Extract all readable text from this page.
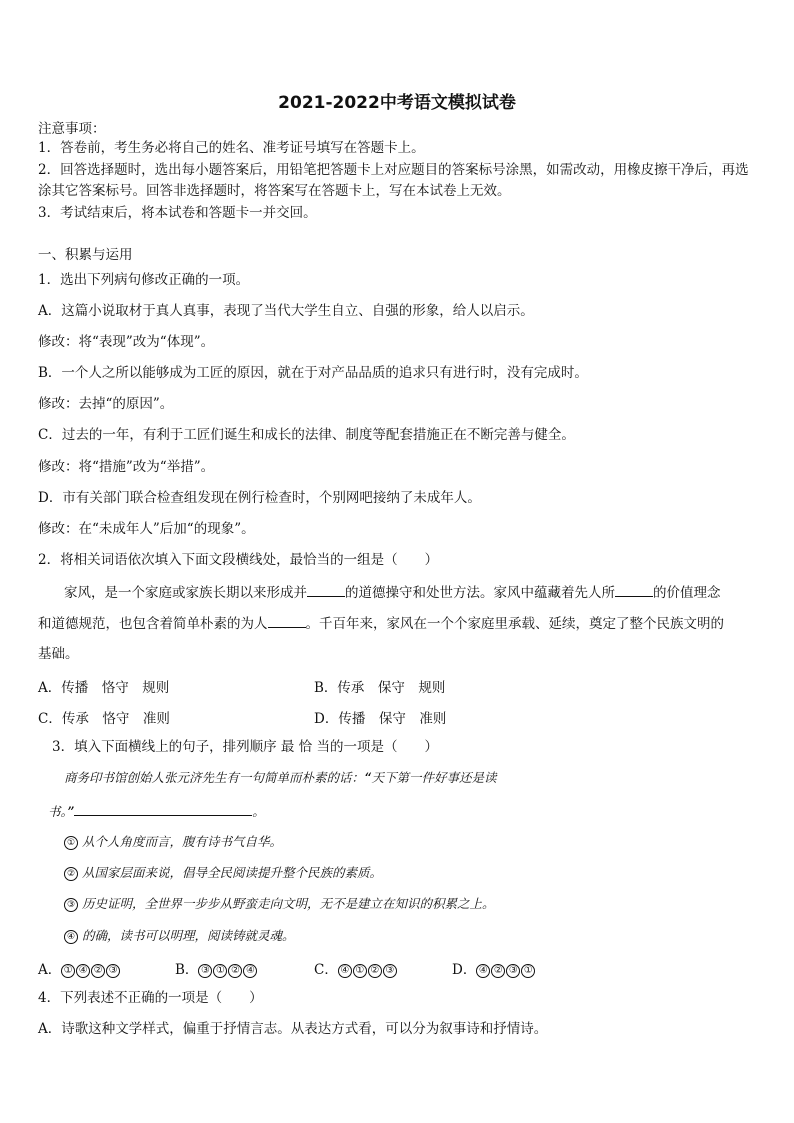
2021-2022中考语文模拟试卷
注意事项：
1．答卷前，考生务必将自己的姓名、准考证号填写在答题卡上。
2．回答选择题时，选出每小题答案后，用铅笔把答题卡上对应题目的答案标号涂黑，如需改动，用橡皮擦干净后，再选涂其它答案标号。回答非选择题时，将答案写在答题卡上，写在本试卷上无效。
3．考试结束后，将本试卷和答题卡一并交回。
一、积累与运用
1．选出下列病句修改正确的一项。
A．这篇小说取材于真人真事，表现了当代大学生自立、自强的形象，给人以启示。
修改：将“表现”改为“体现”。
B．一个人之所以能够成为工匠的原因，就在于对产品品质的追求只有进行时，没有完成时。
修改：去掉“的原因”。
C．过去的一年，有利于工匠们诞生和成长的法律、制度等配套措施正在不断完善与健全。
修改：将“措施”改为“举措”。
D．市有关部门联合检查组发现在例行检查时，个别网吧接纳了未成年人。
修改：在“未成年人”后加“的现象”。
2．将相关词语依次填入下面文段横线处，最恰当的一组是（　　）
家风，是一个家庭或家族长期以来形成并	的道德操守和处世方法。家风中蕴藏着先人所	的价值理念
和道德规范，也包含着简单朴素的为人	。千百年来，家风在一个个家庭里承载、延续，奠定了整个民族文明的
基础。
A．传播　恪守　规则	B．传承　保守　规则
C．传承　恪守　准则	D．传播　保守　准则
3．填入下面横线上的句子，排列顺序 最 恰 当的一项是（　　）
商务印书馆创始人张元济先生有一句简单而朴素的话：“天下第一件好事还是读
书。”	。
① 从个人角度而言，腹有诗书气自华。
② 从国家层面来说，倡导全民阅读提升整个民族的素质。
③ 历史证明，全世界一步步从野蛮走向文明，无不是建立在知识的积累之上。
④ 的确，读书可以明理，阅读铸就灵魂。
A． ① ④ ② ③	B． ③ ① ② ④	C． ④ ① ② ③	D． ④ ② ③ ①
4．下列表述不正确的一项是（　　）
A．诗歌这种文学样式，偏重于抒情言志。从表达方式看，可以分为叙事诗和抒情诗。
